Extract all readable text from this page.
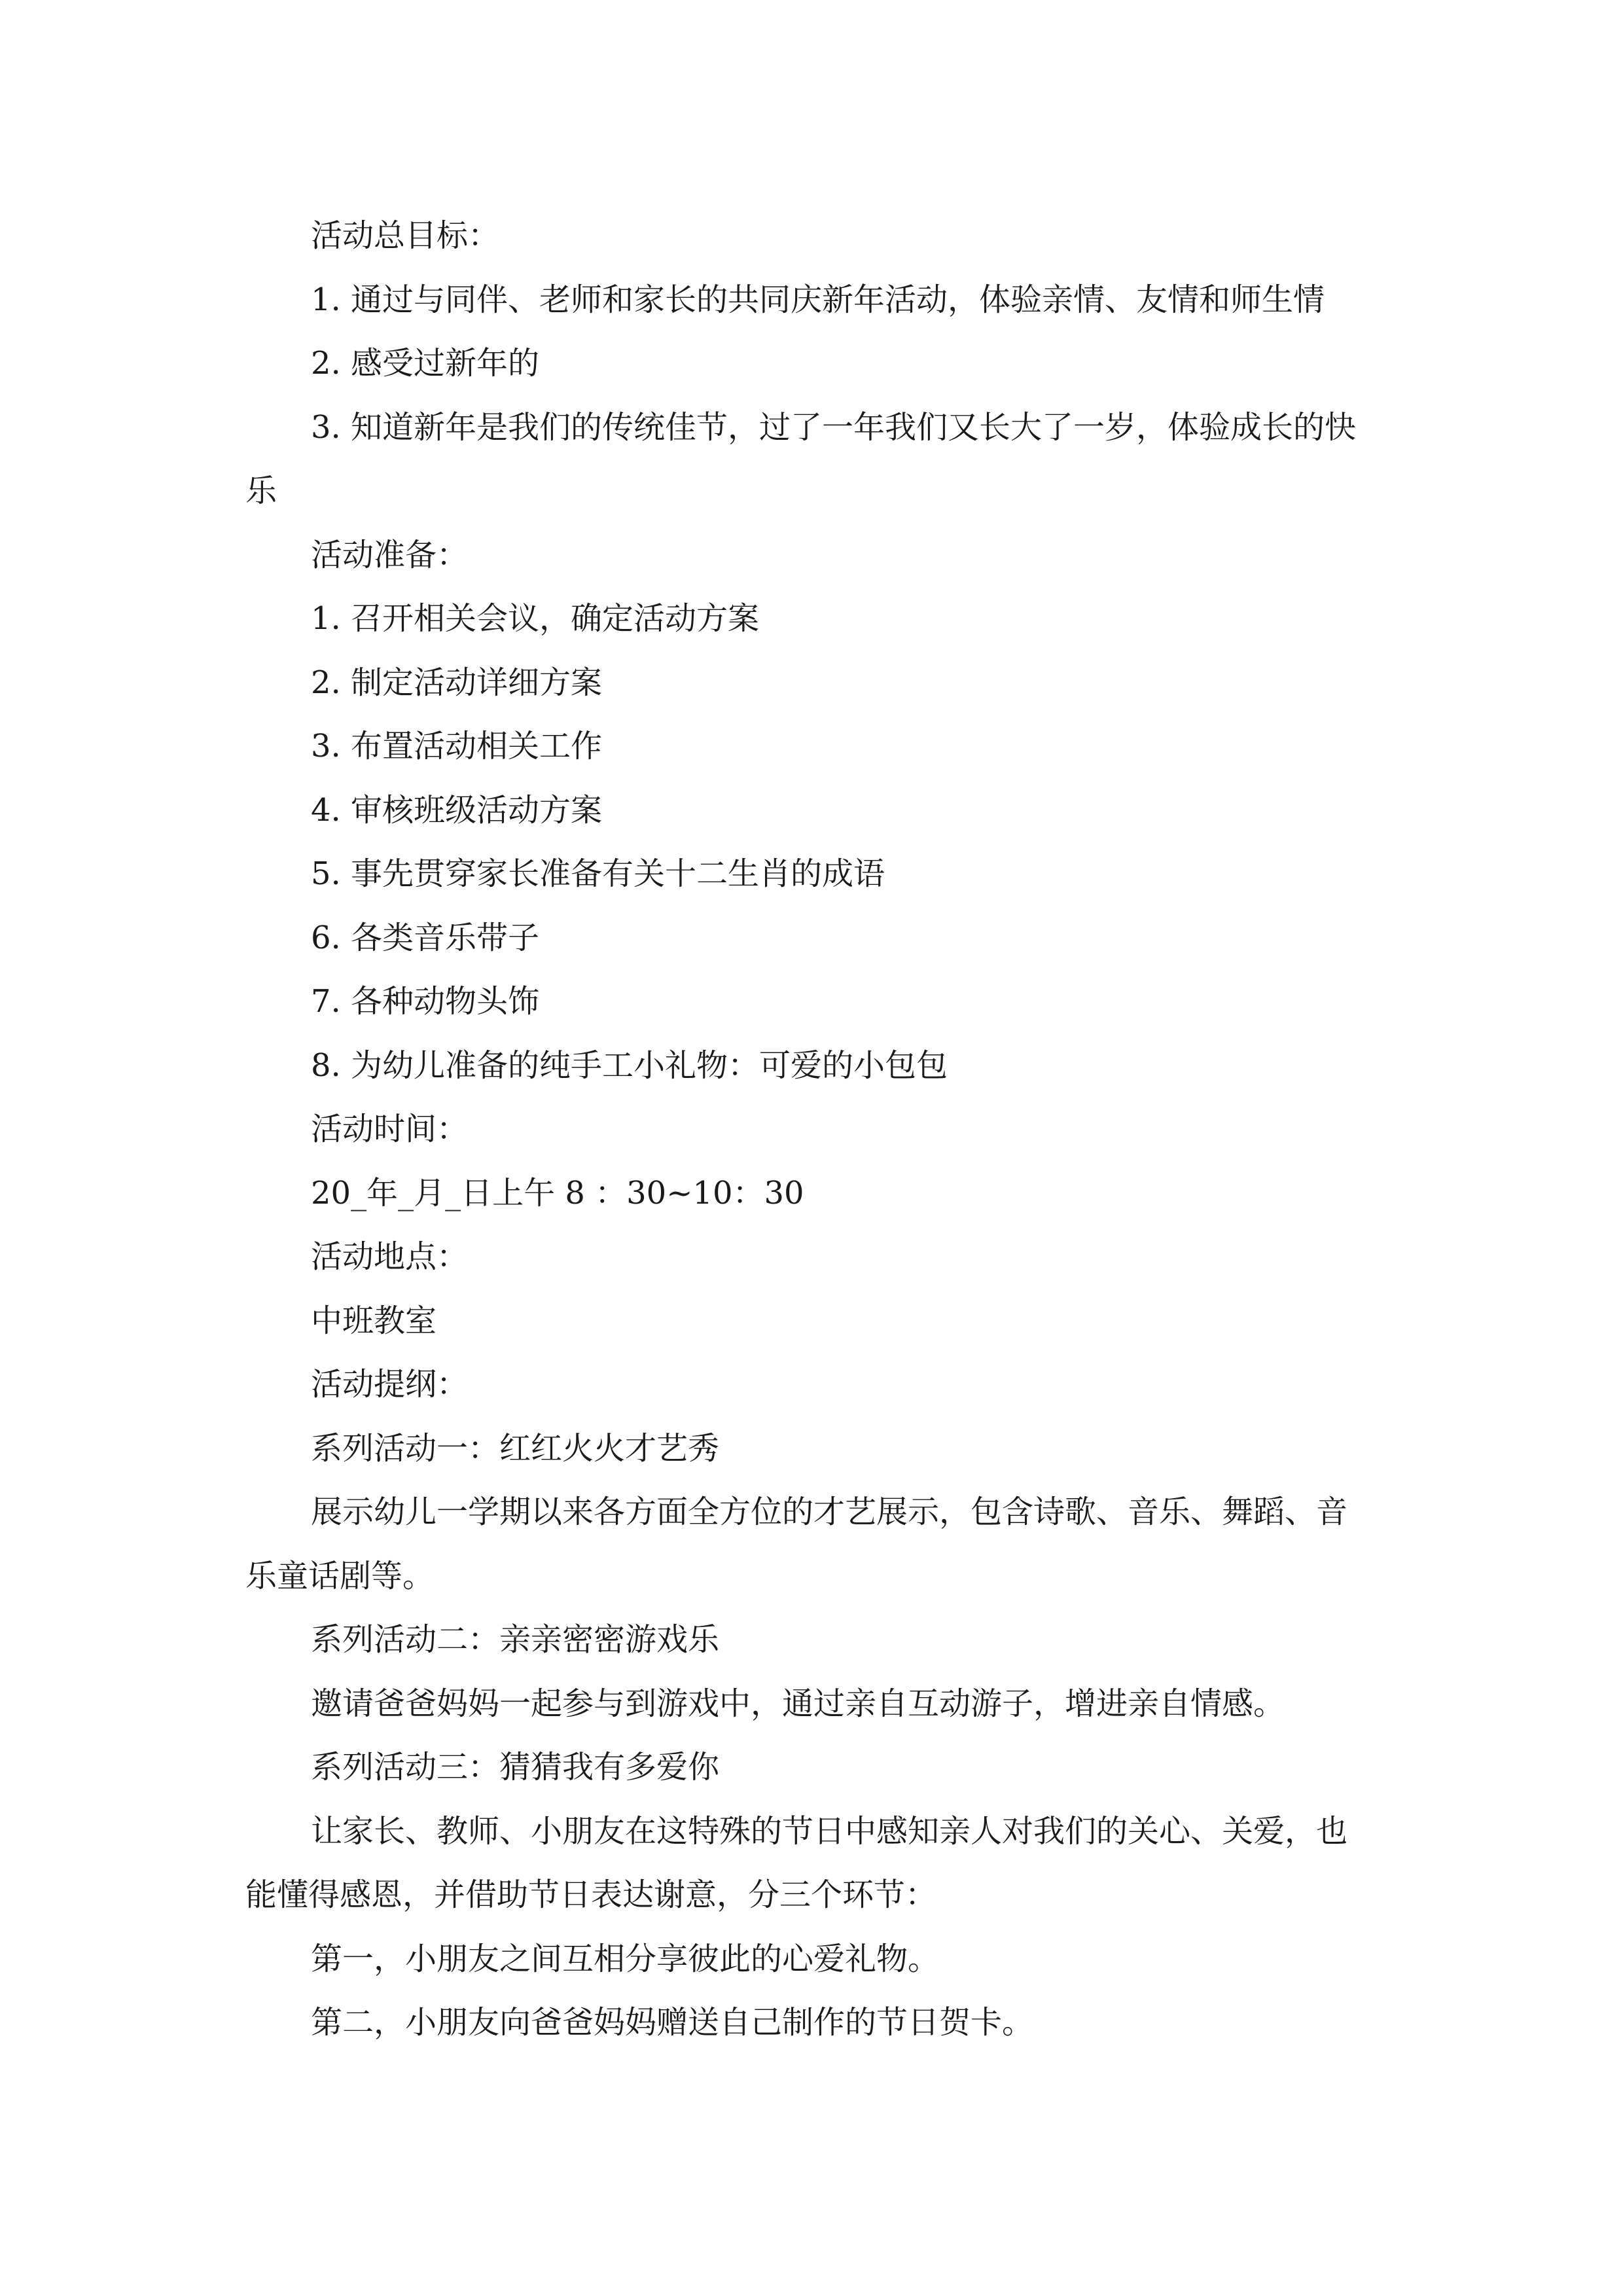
活动总目标：

1. 通过与同伴、老师和家长的共同庆新年活动，体验亲情、友情和师生情

2. 感受过新年的

3. 知道新年是我们的传统佳节，过了一年我们又长大了一岁，体验成长的快乐

活动准备：

1. 召开相关会议，确定活动方案

2. 制定活动详细方案

3. 布置活动相关工作

4. 审核班级活动方案

5. 事先贯穿家长准备有关十二生肖的成语

6. 各类音乐带子

7. 各种动物头饰

8. 为幼儿准备的纯手工小礼物：可爱的小包包

活动时间：

20_年_月_日上午 8 ：30~10：30

活动地点：

中班教室

活动提纲：

系列活动一：红红火火才艺秀

展示幼儿一学期以来各方面全方位的才艺展示，包含诗歌、音乐、舞蹈、音乐童话剧等。

系列活动二：亲亲密密游戏乐

邀请爸爸妈妈一起参与到游戏中，通过亲自互动游子，增进亲自情感。

系列活动三：猜猜我有多爱你

让家长、教师、小朋友在这特殊的节日中感知亲人对我们的关心、关爱，也能懂得感恩，并借助节日表达谢意，分三个环节：

第一，小朋友之间互相分享彼此的心爱礼物。

第二，小朋友向爸爸妈妈赠送自己制作的节日贺卡。
